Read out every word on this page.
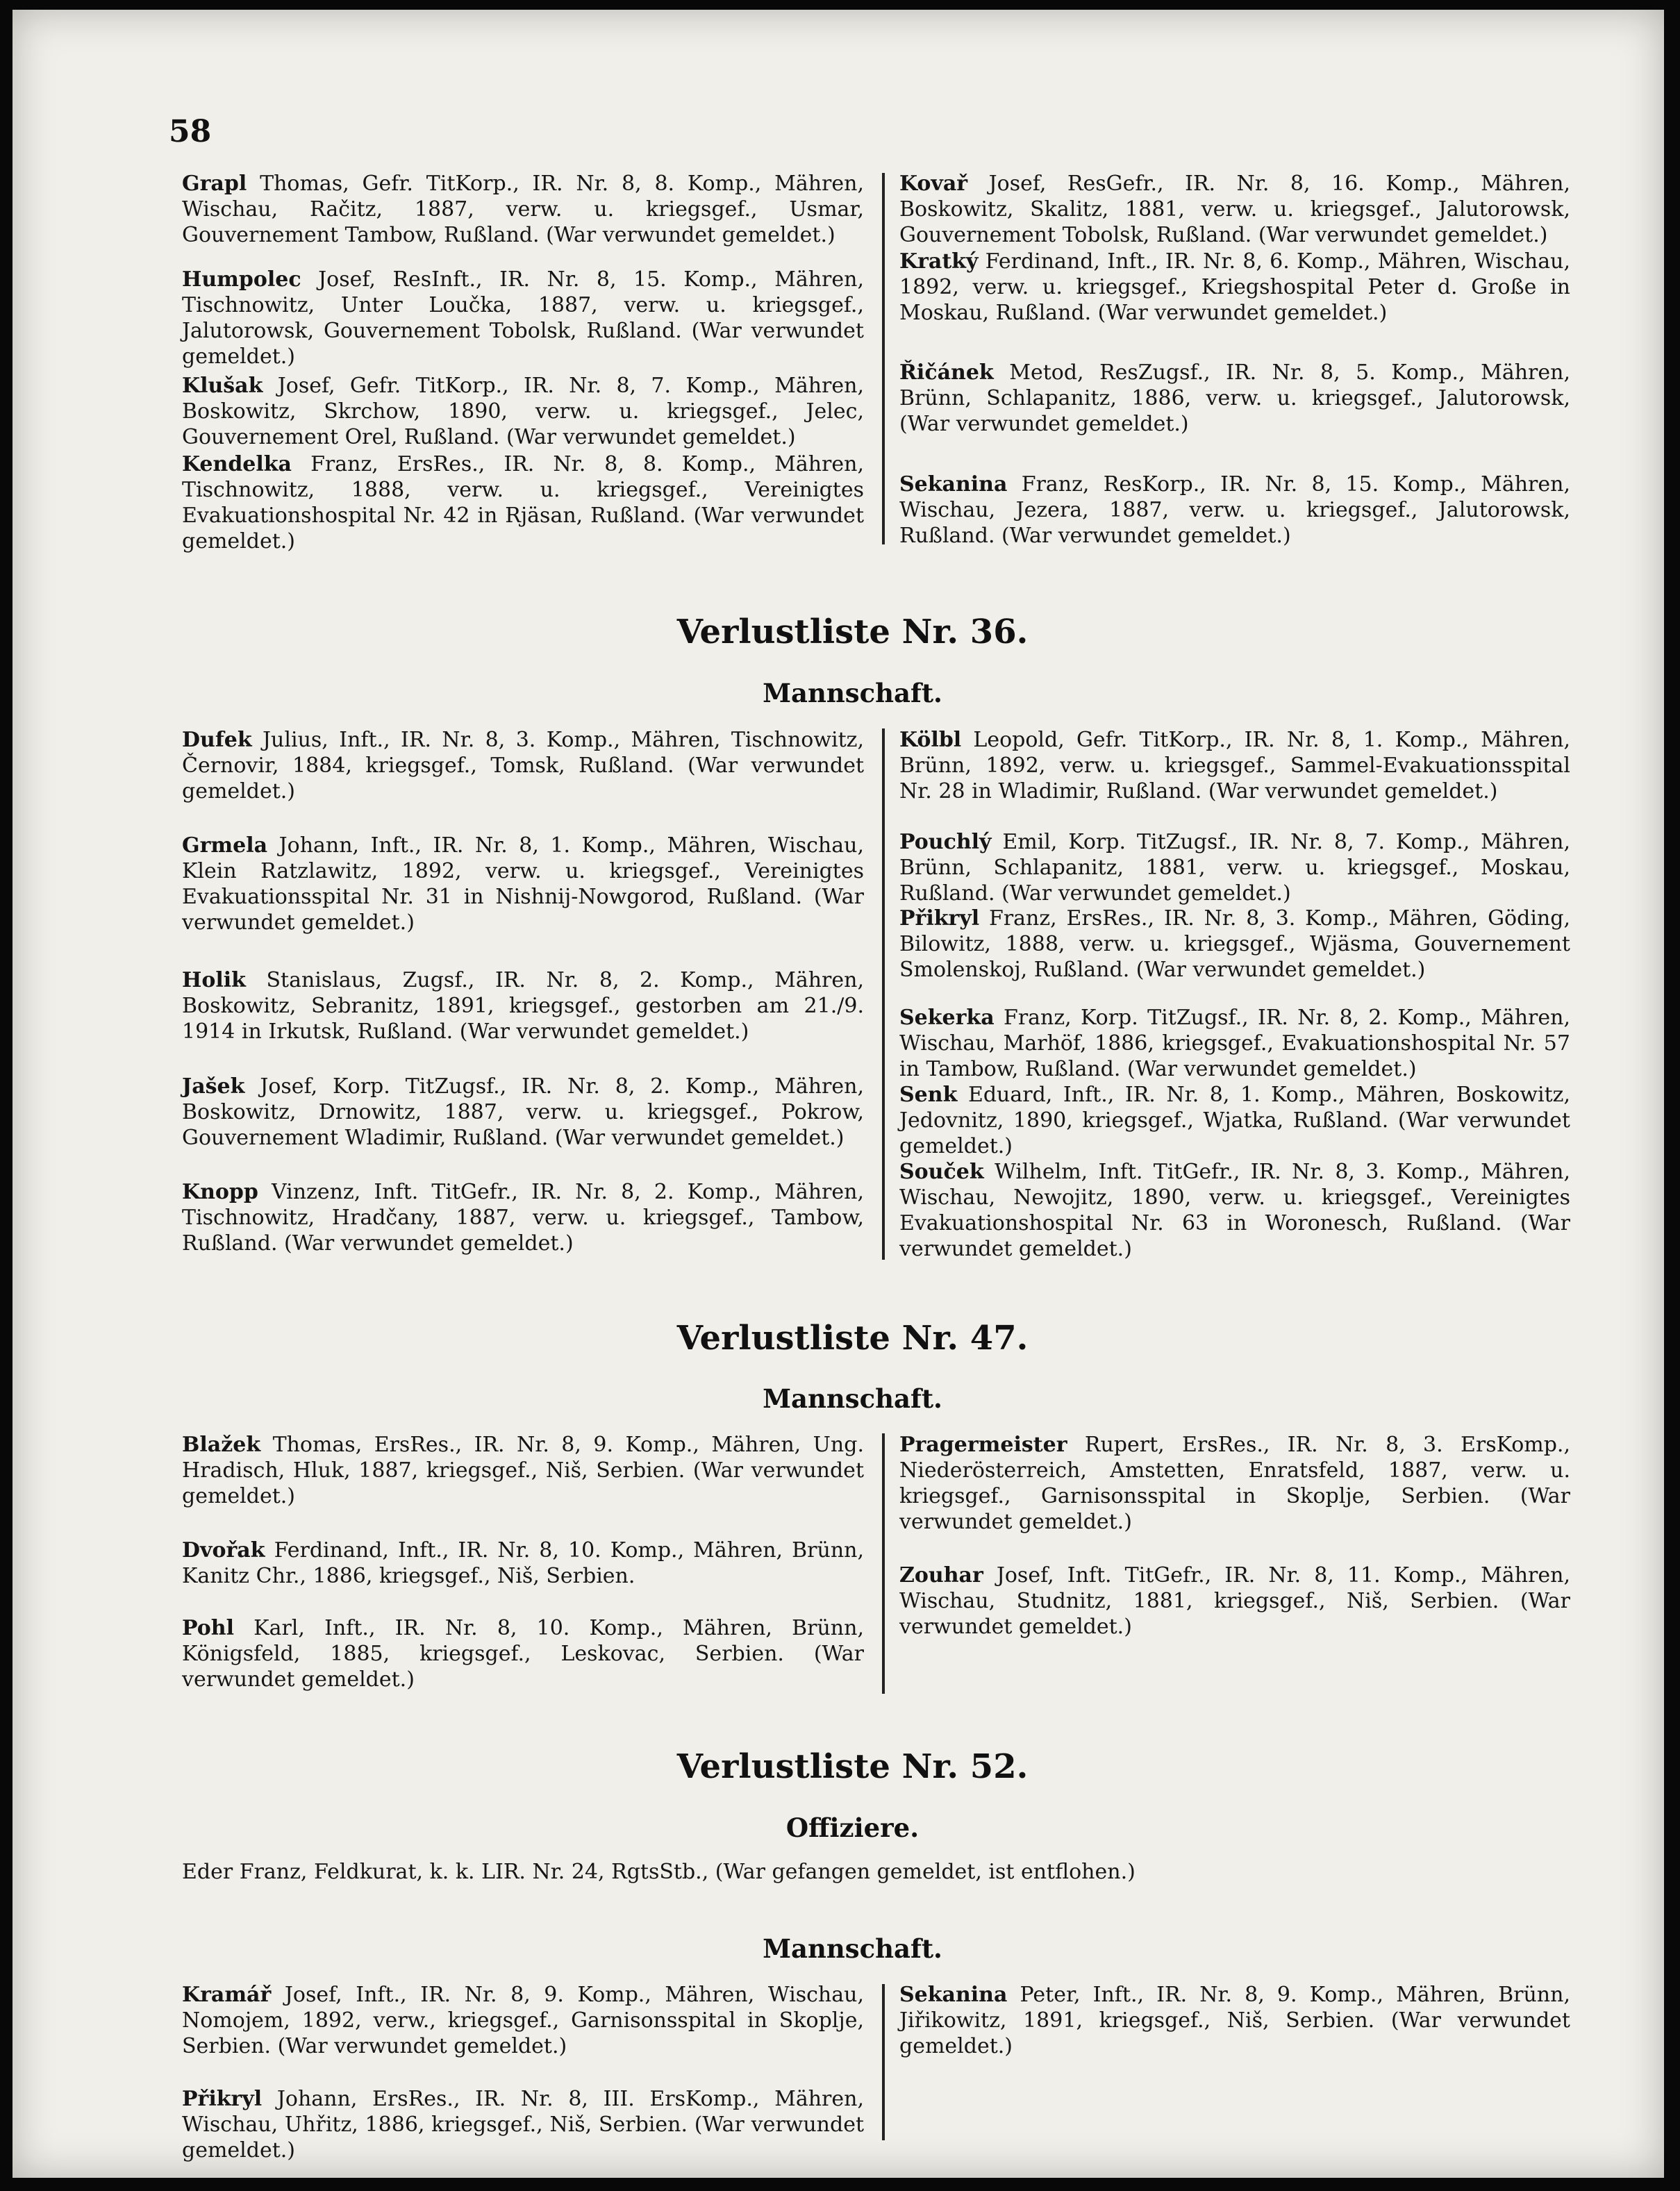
58
Grapl Thomas, Gefr. TitKorp., IR. Nr. 8, 8. Komp., Mähren, Wischau, Račitz, 1887, verw. u. kriegsgef., Usmar, Gouvernement Tambow, Rußland. (War verwundet gemeldet.)
Humpolec Josef, ResInft., IR. Nr. 8, 15. Komp., Mähren, Tischnowitz, Unter Loučka, 1887, verw. u. kriegsgef., Jalutorowsk, Gouvernement Tobolsk, Rußland. (War verwundet gemeldet.)
Klušak Josef, Gefr. TitKorp., IR. Nr. 8, 7. Komp., Mähren, Boskowitz, Skrchow, 1890, verw. u. kriegsgef., Jelec, Gouvernement Orel, Rußland. (War verwundet gemeldet.)
Kendelka Franz, ErsRes., IR. Nr. 8, 8. Komp., Mähren, Tischnowitz, 1888, verw. u. kriegsgef., Vereinigtes Evakuationshospital Nr. 42 in Rjäsan, Rußland. (War verwundet gemeldet.)
Kovař Josef, ResGefr., IR. Nr. 8, 16. Komp., Mähren, Boskowitz, Skalitz, 1881, verw. u. kriegsgef., Jalutorowsk, Gouvernement Tobolsk, Rußland. (War verwundet gemeldet.)
Kratký Ferdinand, Inft., IR. Nr. 8, 6. Komp., Mähren, Wischau, 1892, verw. u. kriegsgef., Kriegshospital Peter d. Große in Moskau, Rußland. (War verwundet gemeldet.)
Řičánek Metod, ResZugsf., IR. Nr. 8, 5. Komp., Mähren, Brünn, Schlapanitz, 1886, verw. u. kriegsgef., Jalutorowsk, (War verwundet gemeldet.)
Sekanina Franz, ResKorp., IR. Nr. 8, 15. Komp., Mähren, Wischau, Jezera, 1887, verw. u. kriegsgef., Jalutorowsk, Rußland. (War verwundet gemeldet.)
Verlustliste Nr. 36.
Mannschaft.
Dufek Julius, Inft., IR. Nr. 8, 3. Komp., Mähren, Tischnowitz, Černovir, 1884, kriegsgef., Tomsk, Rußland. (War verwundet gemeldet.)
Grmela Johann, Inft., IR. Nr. 8, 1. Komp., Mähren, Wischau, Klein Ratzlawitz, 1892, verw. u. kriegsgef., Vereinigtes Evakuationsspital Nr. 31 in Nishnij-Nowgorod, Rußland. (War verwundet gemeldet.)
Holik Stanislaus, Zugsf., IR. Nr. 8, 2. Komp., Mähren, Boskowitz, Sebranitz, 1891, kriegsgef., gestorben am 21./9. 1914 in Irkutsk, Rußland. (War verwundet gemeldet.)
Jašek Josef, Korp. TitZugsf., IR. Nr. 8, 2. Komp., Mähren, Boskowitz, Drnowitz, 1887, verw. u. kriegsgef., Pokrow, Gouvernement Wladimir, Rußland. (War verwundet gemeldet.)
Knopp Vinzenz, Inft. TitGefr., IR. Nr. 8, 2. Komp., Mähren, Tischnowitz, Hradčany, 1887, verw. u. kriegsgef., Tambow, Rußland. (War verwundet gemeldet.)
Kölbl Leopold, Gefr. TitKorp., IR. Nr. 8, 1. Komp., Mähren, Brünn, 1892, verw. u. kriegsgef., Sammel-Evakuationsspital Nr. 28 in Wladimir, Rußland. (War verwundet gemeldet.)
Pouchlý Emil, Korp. TitZugsf., IR. Nr. 8, 7. Komp., Mähren, Brünn, Schlapanitz, 1881, verw. u. kriegsgef., Moskau, Rußland. (War verwundet gemeldet.)
Přikryl Franz, ErsRes., IR. Nr. 8, 3. Komp., Mähren, Göding, Bilowitz, 1888, verw. u. kriegsgef., Wjäsma, Gouvernement Smolenskoj, Rußland. (War verwundet gemeldet.)
Sekerka Franz, Korp. TitZugsf., IR. Nr. 8, 2. Komp., Mähren, Wischau, Marhöf, 1886, kriegsgef., Evakuationshospital Nr. 57 in Tambow, Rußland. (War verwundet gemeldet.)
Senk Eduard, Inft., IR. Nr. 8, 1. Komp., Mähren, Boskowitz, Jedovnitz, 1890, kriegsgef., Wjatka, Rußland. (War verwundet gemeldet.)
Souček Wilhelm, Inft. TitGefr., IR. Nr. 8, 3. Komp., Mähren, Wischau, Newojitz, 1890, verw. u. kriegsgef., Vereinigtes Evakuationshospital Nr. 63 in Woronesch, Rußland. (War verwundet gemeldet.)
Verlustliste Nr. 47.
Mannschaft.
Blažek Thomas, ErsRes., IR. Nr. 8, 9. Komp., Mähren, Ung. Hradisch, Hluk, 1887, kriegsgef., Niš, Serbien. (War verwundet gemeldet.)
Dvořak Ferdinand, Inft., IR. Nr. 8, 10. Komp., Mähren, Brünn, Kanitz Chr., 1886, kriegsgef., Niš, Serbien.
Pohl Karl, Inft., IR. Nr. 8, 10. Komp., Mähren, Brünn, Königsfeld, 1885, kriegsgef., Leskovac, Serbien. (War verwundet gemeldet.)
Pragermeister Rupert, ErsRes., IR. Nr. 8, 3. ErsKomp., Niederösterreich, Amstetten, Enratsfeld, 1887, verw. u. kriegsgef., Garnisonsspital in Skoplje, Serbien. (War verwundet gemeldet.)
Zouhar Josef, Inft. TitGefr., IR. Nr. 8, 11. Komp., Mähren, Wischau, Studnitz, 1881, kriegsgef., Niš, Serbien. (War verwundet gemeldet.)
Verlustliste Nr. 52.
Offiziere.
Eder Franz, Feldkurat, k. k. LIR. Nr. 24, RgtsStb., (War gefangen gemeldet, ist entflohen.)
Mannschaft.
Kramář Josef, Inft., IR. Nr. 8, 9. Komp., Mähren, Wischau, Nomojem, 1892, verw., kriegsgef., Garnisonsspital in Skoplje, Serbien. (War verwundet gemeldet.)
Přikryl Johann, ErsRes., IR. Nr. 8, III. ErsKomp., Mähren, Wischau, Uhřitz, 1886, kriegsgef., Niš, Serbien. (War verwundet gemeldet.)
Sekanina Peter, Inft., IR. Nr. 8, 9. Komp., Mähren, Brünn, Jiřikowitz, 1891, kriegsgef., Niš, Serbien. (War verwundet gemeldet.)
